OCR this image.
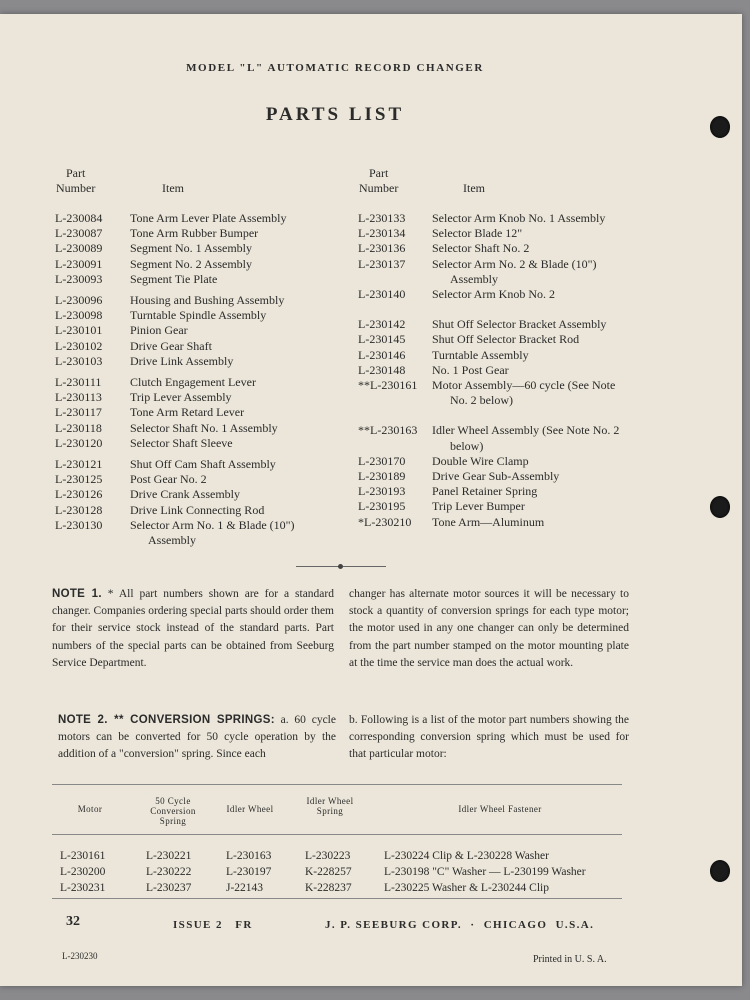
MODEL "L" AUTOMATIC RECORD CHANGER
PARTS LIST
Part
Number	Item
Part
Number	Item
L-230084	Tone Arm Lever Plate Assembly
L-230087	Tone Arm Rubber Bumper
L-230089	Segment No. 1 Assembly
L-230091	Segment No. 2 Assembly
L-230093	Segment Tie Plate
L-230096	Housing and Bushing Assembly
L-230098	Turntable Spindle Assembly
L-230101	Pinion Gear
L-230102	Drive Gear Shaft
L-230103	Drive Link Assembly
L-230111	Clutch Engagement Lever
L-230113	Trip Lever Assembly
L-230117	Tone Arm Retard Lever
L-230118	Selector Shaft No. 1 Assembly
L-230120	Selector Shaft Sleeve
L-230121	Shut Off Cam Shaft Assembly
L-230125	Post Gear No. 2
L-230126	Drive Crank Assembly
L-230128	Drive Link Connecting Rod
L-230130	Selector Arm No. 1 & Blade (10")
Assembly
L-230133	Selector Arm Knob No. 1 Assembly
L-230134	Selector Blade 12"
L-230136	Selector Shaft No. 2
L-230137	Selector Arm No. 2 & Blade (10")
Assembly
L-230140	Selector Arm Knob No. 2
L-230142	Shut Off Selector Bracket Assembly
L-230145	Shut Off Selector Bracket Rod
L-230146	Turntable Assembly
L-230148	No. 1 Post Gear
**L-230161	Motor Assembly—60 cycle (See Note
No. 2 below)
**L-230163	Idler Wheel Assembly (See Note No. 2
below)
L-230170	Double Wire Clamp
L-230189	Drive Gear Sub-Assembly
L-230193	Panel Retainer Spring
L-230195	Trip Lever Bumper
*L-230210	Tone Arm—Aluminum
NOTE 1. * All part numbers shown are for a standard changer. Companies ordering special parts should order them for their service stock instead of the standard parts. Part numbers of the special parts can be obtained from Seeburg Service Department.
changer has alternate motor sources it will be necessary to stock a quantity of conversion springs for each type motor; the motor used in any one changer can only be determined from the part number stamped on the motor mounting plate at the time the service man does the actual work.
NOTE 2. ** CONVERSION SPRINGS: a. 60 cycle motors can be converted for 50 cycle operation by the addition of a "conversion" spring. Since each
b. Following is a list of the motor part numbers showing the corresponding conversion spring which must be used for that particular motor:
Motor
50 Cycle Conversion Spring
Idler Wheel
Idler Wheel Spring	Idler Wheel Fastener
L-230161	L-230221	L-230163	L-230223	L-230224 Clip & L-230228 Washer
L-230200	L-230222	L-230197	K-228257	L-230198 "C" Washer — L-230199 Washer
L-230231	L-230237	J-22143	K-228237	L-230225 Washer & L-230244 Clip
32	ISSUE 2   FR	J. P. SEEBURG CORP.  ·  CHICAGO  U.S.A.
L-230230	Printed in U. S. A.
